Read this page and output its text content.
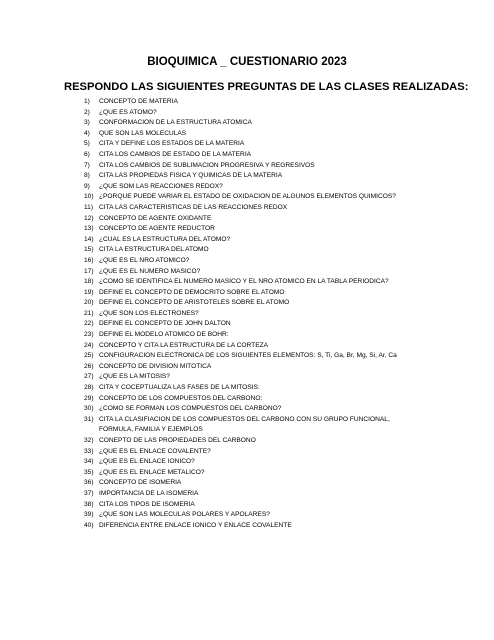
BIOQUIMICA _ CUESTIONARIO 2023
RESPONDO LAS SIGUIENTES PREGUNTAS DE LAS CLASES REALIZADAS:
1)	CONCEPTO DE MATERIA
2)	¿QUE ES ATOMO?
3)	CONFORMACION DE LA ESTRUCTURA ATOMICA
4)	QUE SON LAS MOLECULAS
5)	CITA Y DEFINE LOS ESTADOS DE LA MATERIA
6)	CITA LOS CAMBIOS DE ESTADO DE LA MATERIA
7)	CITA LOS CAMBIOS DE SUBLIMACION PROGRESIVA Y REGRESIVOS
8)	CITA LAS PROPIEDAS FISICA Y QUIMICAS DE LA MATERIA
9)	¿QUE SOM LAS REACCIONES REDOX?
10) ¿PORQUE PUEDE VARIAR EL ESTADO DE OXIDACION DE ALGUNOS ELEMENTOS QUIMICOS?
11) CITA LAS CARACTERISTICAS DE LAS REACCIONES REDOX
12) CONCEPTO DE AGENTE OXIDANTE
13) CONCEPTO DE AGENTE REDUCTOR
14) ¿CUAL ES LA ESTRUCTURA DEL ATOMO?
15) CITA LA ESTRUCTURA DEL ATOMO
16) ¿QUE ES EL NRO ATOMICO?
17) ¿QUE ES EL NUMERO MASICO?
18) ¿COMO SE IDENTIFICA EL NUMERO MASICO Y EL NRO ATOMICO EN LA TABLA PERIODICA?
19) DEFINE EL CONCEPTO DE DEMOCRITO SOBRE EL ATOMO
20) DEFINE EL CONCEPTO DE ARISTOTELES SOBRE EL ATOMO
21) ¿QUE SON LOS ELECTRONES?
22) DEFINE EL CONCEPTO DE JOHN DALTON
23) DEFINE EL MODELO ATOMICO DE BOHR:
24) CONCEPTO Y CITA LA ESTRUCTURA DE LA CORTEZA
25) CONFIGURACION ELECTRONICA DE LOS SIGUIENTES ELEMENTOS: S, Ti, Ga, Br, Mg, Si, Ar, Ca
26) CONCEPTO DE DIVISION MITOTICA
27) ¿QUE ES LA MITOSIS?
28) CITA Y COCEPTUALIZA LAS FASES DE LA MITOSIS:
29) CONCEPTO DE LOS COMPUESTOS DEL CARBONO:
30) ¿COMO SE FORMAN LOS COMPUESTOS DEL CARBONO?
31) CITA LA CLASIFIACION DE LOS COMPUESTOS DEL CARBONO CON SU GRUPO FUNCIONAL, FORMULA, FAMILIA Y EJEMPLOS
32) CONEPTO DE LAS PROPIEDADES DEL CARBONO
33) ¿QUE ES EL ENLACE COVALENTE?
34) ¿QUE ES EL ENLACE IONICO?
35) ¿QUE ES EL ENLACE METALICO?
36) CONCEPTO DE ISOMERIA
37) IMPORTANCIA DE LA ISOMERIA
38) CITA LOS TIPOS DE ISOMERIA
39) ¿QUE SON LAS MOLECULAS POLARES Y APOLARES?
40) DIFERENCIA ENTRE ENLACE IONICO Y ENLACE COVALENTE
